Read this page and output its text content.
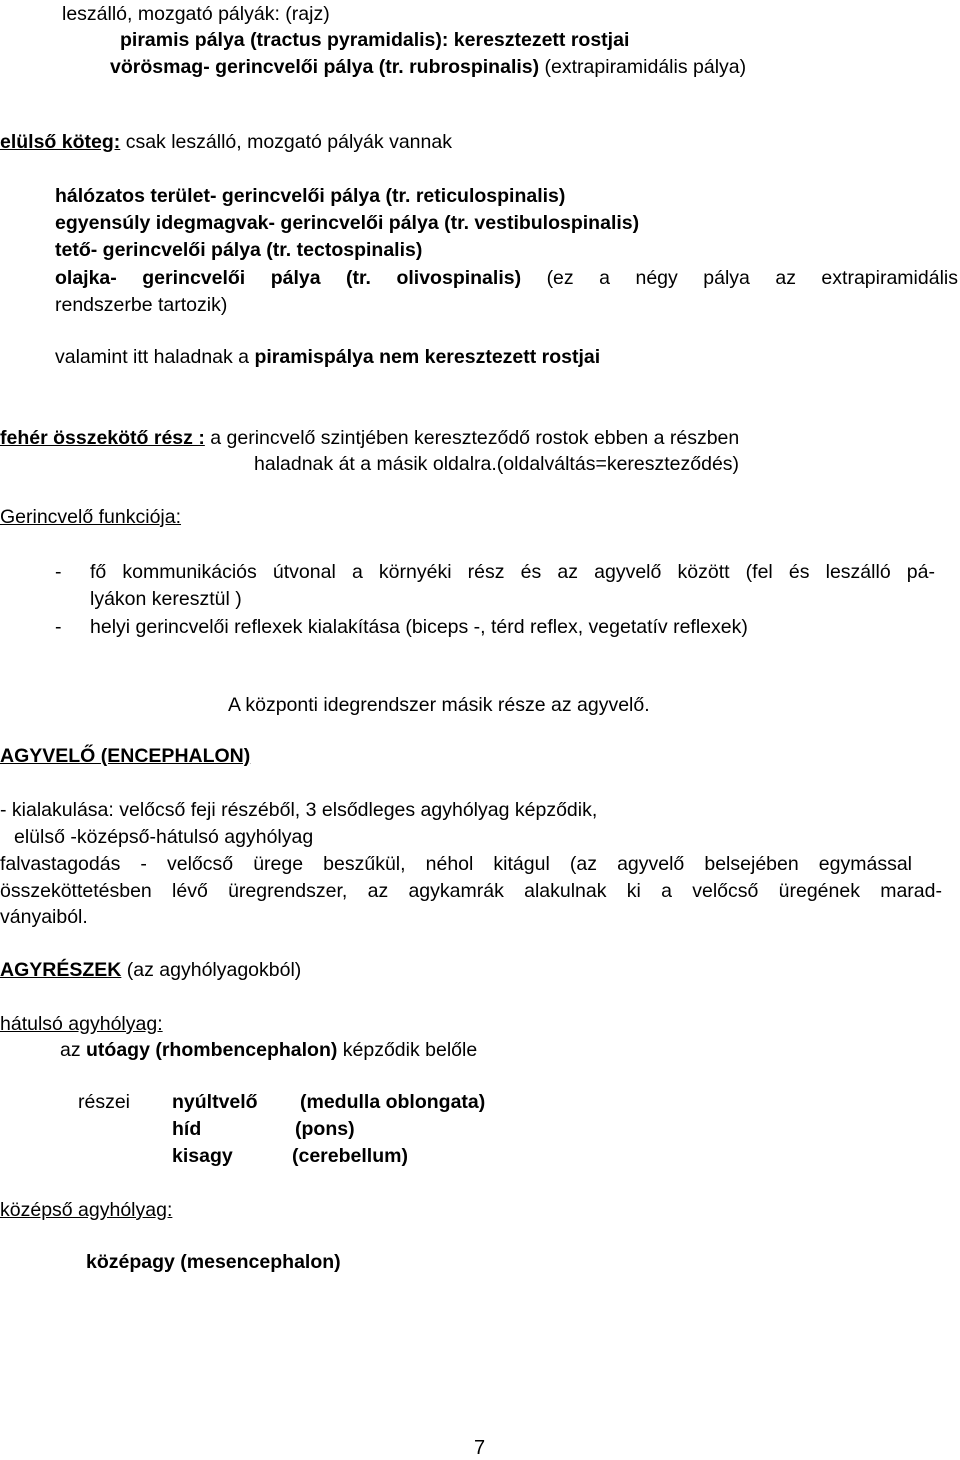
leszálló, mozgató pályák: (rajz)

piramis pálya (tractus pyramidalis): keresztezett rostjai

vörösmag- gerincvelői pálya (tr. rubrospinalis) (extrapiramidális pálya)

elülső köteg: csak leszálló, mozgató pályák vannak

hálózatos terület- gerincvelői pálya (tr. reticulospinalis)

egyensúly idegmagvak- gerincvelői pálya (tr. vestibulospinalis)

tető- gerincvelői pálya (tr. tectospinalis)

olajka- gerincvelői pálya (tr. olivospinalis) (ez a négy pálya az extrapiramidális

rendszerbe tartozik)

valamint itt haladnak a piramispálya nem keresztezett rostjai

fehér összekötő rész : a gerincvelő szintjében kereszteződő rostok ebben a részben

haladnak át a másik oldalra.(oldalváltás=kereszteződés)

Gerincvelő funkciója:

- fő kommunikációs útvonal a környéki rész és az agyvelő között (fel és leszálló pá-

lyákon keresztül )

- helyi gerincvelői reflexek kialakítása (biceps -, térd reflex, vegetatív reflexek)

A központi idegrendszer másik része az agyvelő.

AGYVELŐ (ENCEPHALON)

- kialakulása: velőcső feji részéből, 3 elsődleges agyhólyag képződik,

elülső -középső-hátulsó agyhólyag

falvastagodás - velőcső ürege beszűkül, néhol kitágul (az agyvelő belsejében egymással

összeköttetésben lévő üregrendszer, az agykamrák alakulnak ki a velőcső üregének marad-

ványaiból.

AGYRÉSZEK (az agyhólyagokból)

hátulsó agyhólyag:

az utóagy (rhombencephalon) képződik belőle

részei nyúltvelő (medulla oblongata)

híd	(pons)

kisagy	(cerebellum)

középső agyhólyag:

középagy (mesencephalon)

7
